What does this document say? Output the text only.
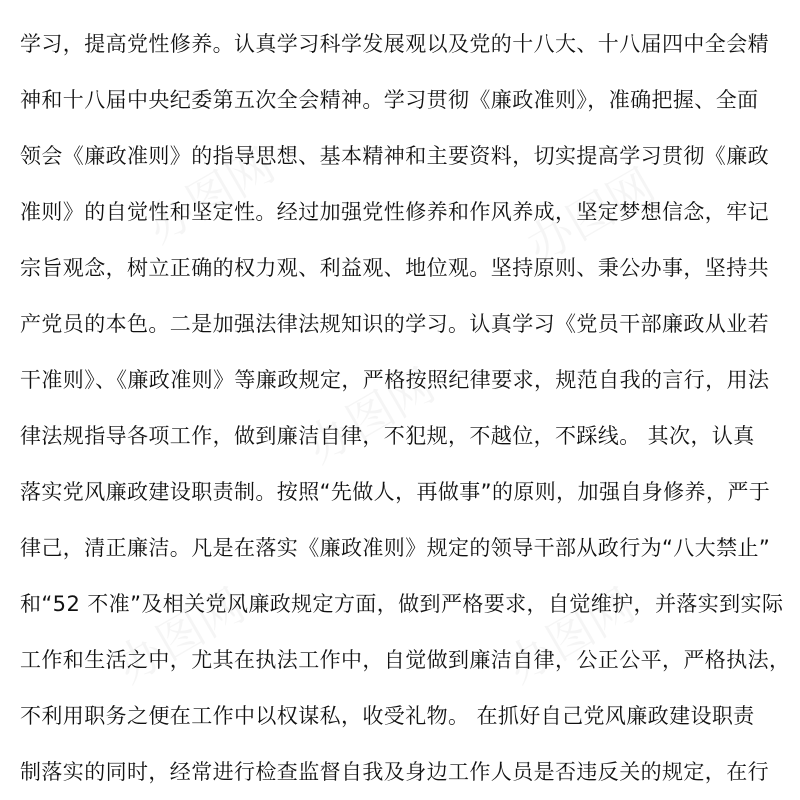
学习，提高党性修养。认真学习科学发展观以及党的十八大、十八届四中全会精
神和十八届中央纪委第五次全会精神。学习贯彻《廉政准则》，准确把握、全面
领会《廉政准则》的指导思想、基本精神和主要资料，切实提高学习贯彻《廉政
准则》的自觉性和坚定性。经过加强党性修养和作风养成，坚定梦想信念，牢记
宗旨观念，树立正确的权力观、利益观、地位观。坚持原则、秉公办事，坚持共
产党员的本色。二是加强法律法规知识的学习。认真学习《党员干部廉政从业若
干准则》、《廉政准则》等廉政规定，严格按照纪律要求，规范自我的言行，用法
律法规指导各项工作，做到廉洁自律，不犯规，不越位，不踩线。 其次，认真
落实党风廉政建设职责制。按照“先做人，再做事”的原则，加强自身修养，严于
律己，清正廉洁。凡是在落实《廉政准则》规定的领导干部从政行为“八大禁止”
和“52 不准”及相关党风廉政规定方面，做到严格要求，自觉维护，并落实到实际
工作和生活之中，尤其在执法工作中，自觉做到廉洁自律，公正公平，严格执法，
不利用职务之便在工作中以权谋私，收受礼物。 在抓好自己党风廉政建设职责
制落实的同时，经常进行检查监督自我及身边工作人员是否违反关的规定，在行
